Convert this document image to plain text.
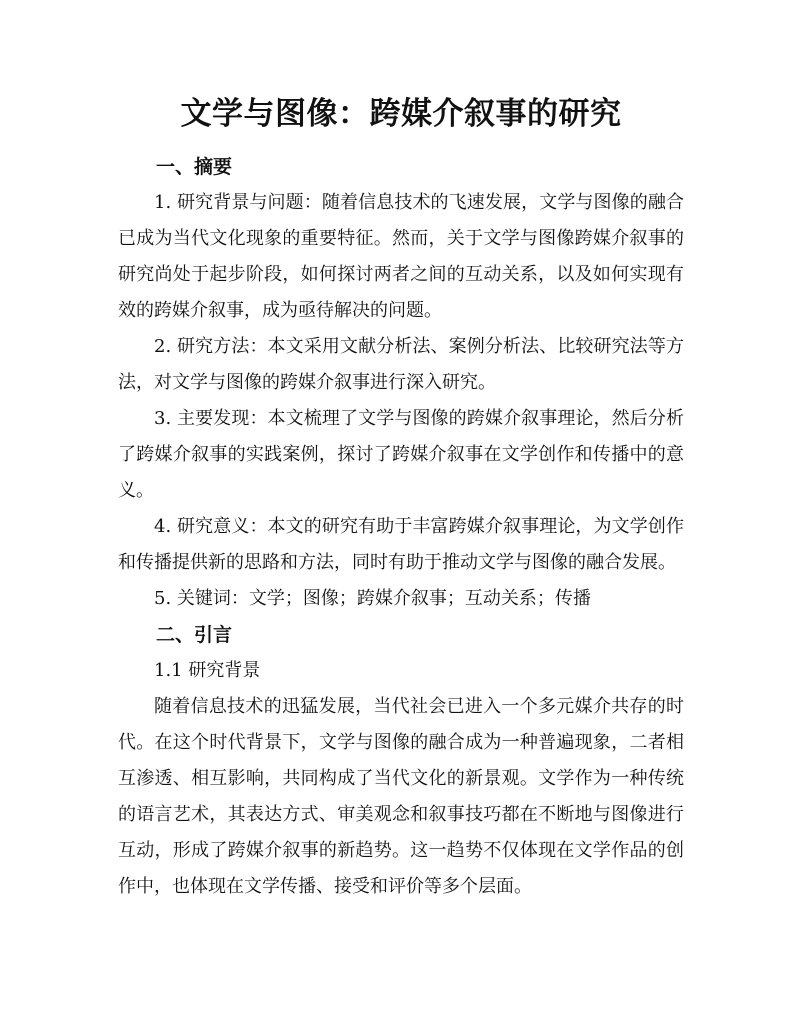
文学与图像：跨媒介叙事的研究
一、摘要

1. 研究背景与问题：随着信息技术的飞速发展，文学与图像的融合已成为当代文化现象的重要特征。然而，关于文学与图像跨媒介叙事的研究尚处于起步阶段，如何探讨两者之间的互动关系，以及如何实现有效的跨媒介叙事，成为亟待解决的问题。

2. 研究方法：本文采用文献分析法、案例分析法、比较研究法等方法，对文学与图像的跨媒介叙事进行深入研究。

3. 主要发现：本文梳理了文学与图像的跨媒介叙事理论，然后分析了跨媒介叙事的实践案例，探讨了跨媒介叙事在文学创作和传播中的意义。

4. 研究意义：本文的研究有助于丰富跨媒介叙事理论，为文学创作和传播提供新的思路和方法，同时有助于推动文学与图像的融合发展。

5. 关键词：文学；图像；跨媒介叙事；互动关系；传播

二、引言

1.1 研究背景

随着信息技术的迅猛发展，当代社会已进入一个多元媒介共存的时代。在这个时代背景下，文学与图像的融合成为一种普遍现象，二者相互渗透、相互影响，共同构成了当代文化的新景观。文学作为一种传统的语言艺术，其表达方式、审美观念和叙事技巧都在不断地与图像进行互动，形成了跨媒介叙事的新趋势。这一趋势不仅体现在文学作品的创作中，也体现在文学传播、接受和评价等多个层面。
